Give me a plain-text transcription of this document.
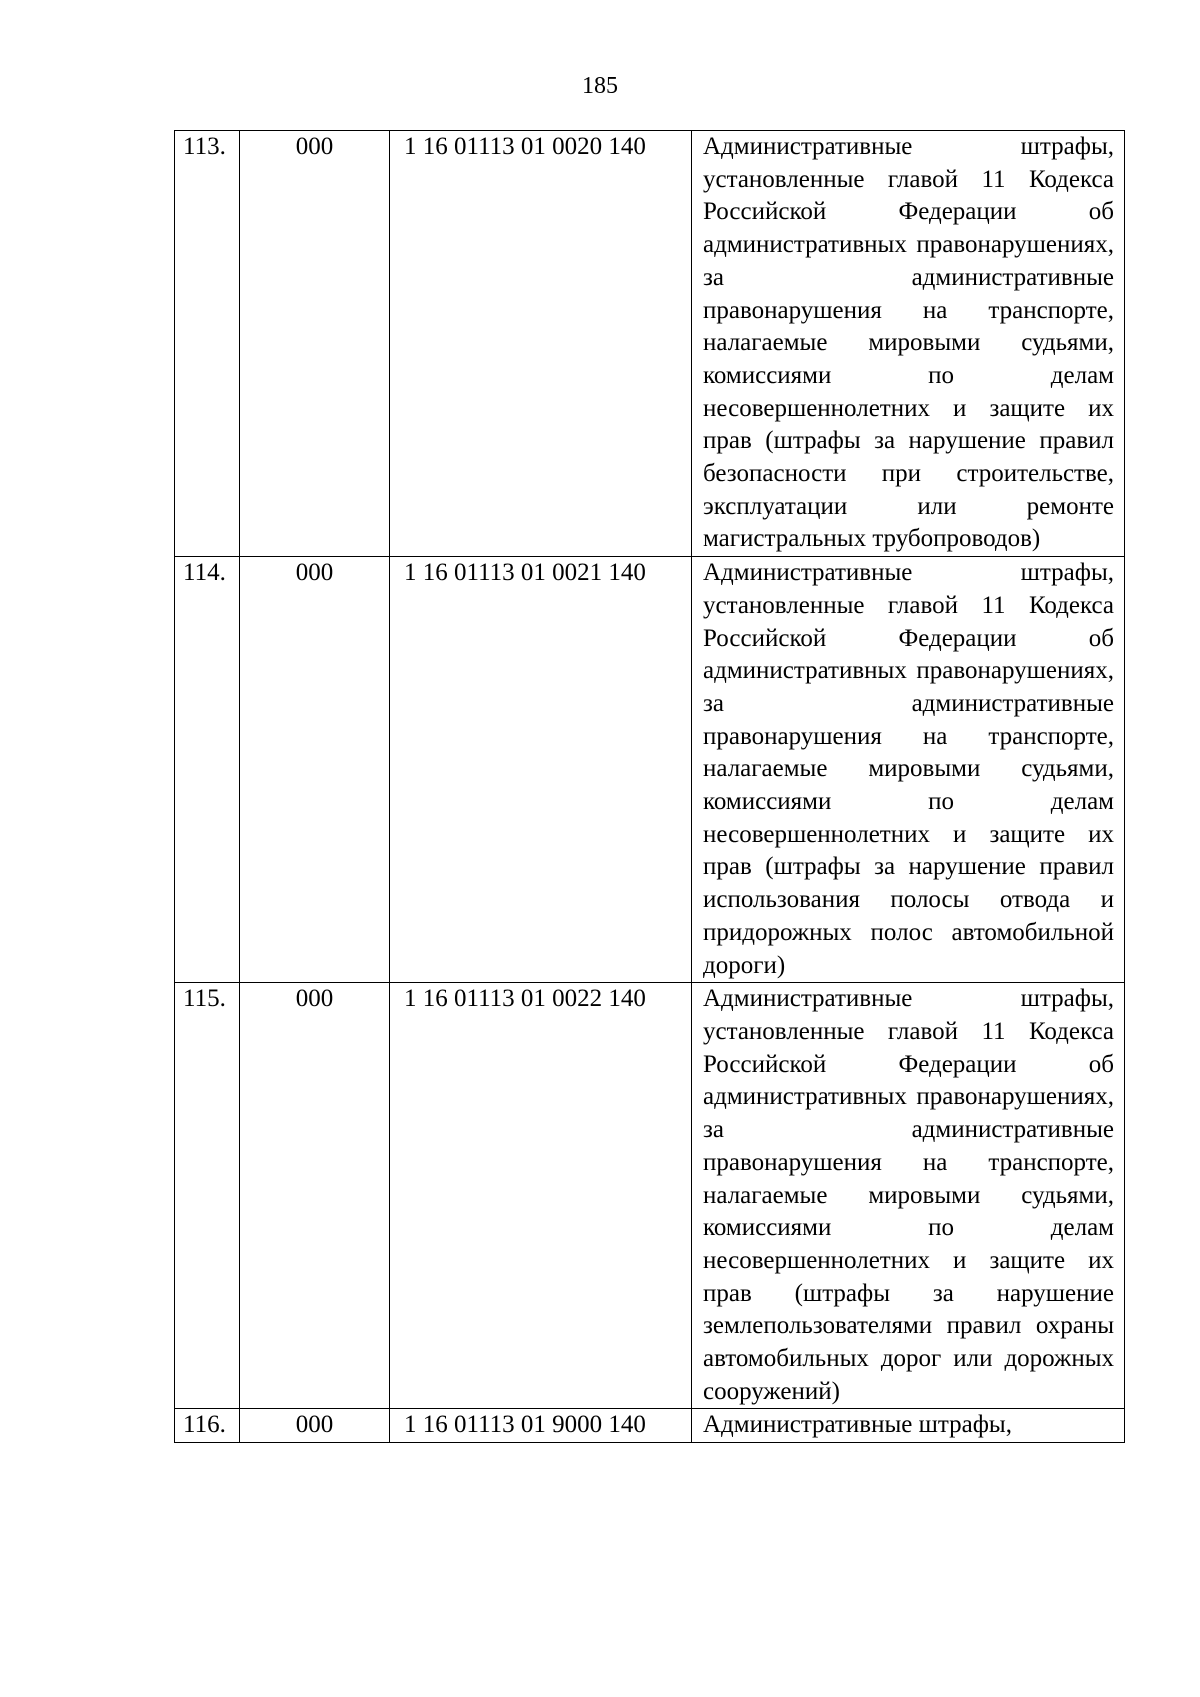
185
113.	000	1 16 01113 01 0020 140	Административные штрафы, установленные главой 11 Кодекса Российской Федерации об административных правонарушениях, за административные правонарушения на транспорте, налагаемые мировыми судьями, комиссиями по делам несовершеннолетних и защите их прав (штрафы за нарушение правил безопасности при строительстве, эксплуатации или ремонте магистральных трубопроводов)
114.	000	1 16 01113 01 0021 140	Административные штрафы, установленные главой 11 Кодекса Российской Федерации об административных правонарушениях, за административные правонарушения на транспорте, налагаемые мировыми судьями, комиссиями по делам несовершеннолетних и защите их прав (штрафы за нарушение правил использования полосы отвода и придорожных полос автомобильной дороги)
115.	000	1 16 01113 01 0022 140	Административные штрафы, установленные главой 11 Кодекса Российской Федерации об административных правонарушениях, за административные правонарушения на транспорте, налагаемые мировыми судьями, комиссиями по делам несовершеннолетних и защите их прав (штрафы за нарушение землепользователями правил охраны автомобильных дорог или дорожных сооружений)
116.	000	1 16 01113 01 9000 140	Административные штрафы,
